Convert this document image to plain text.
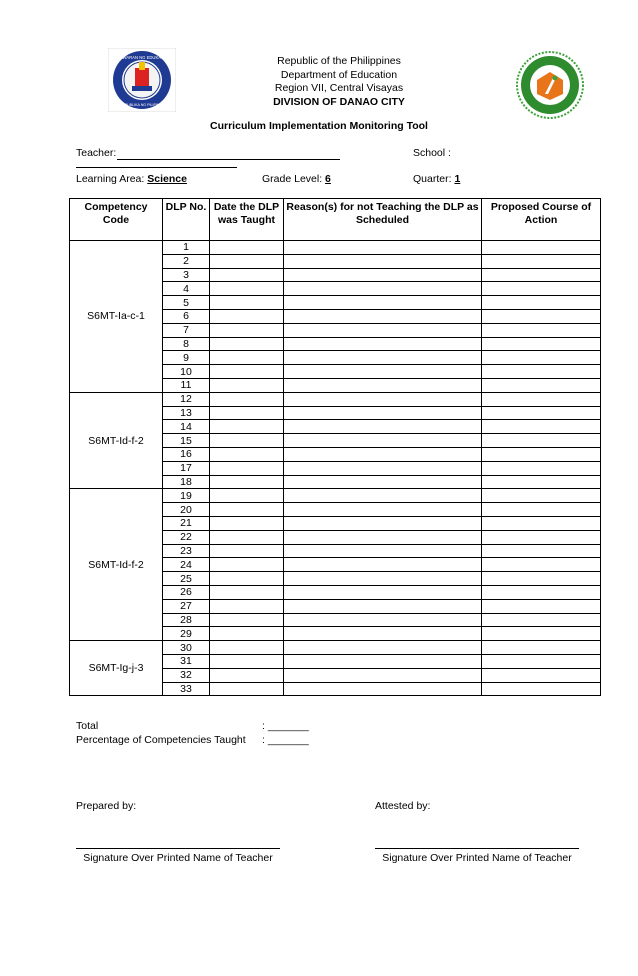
KAGAWARAN NG EDUKASYON
REPUBLIKA NG PILIPINAS
Republic of the Philippines
Department of Education
Region VII, Central Visayas
DIVISION OF DANAO CITY
Curriculum Implementation Monitoring Tool
Teacher:	School :
Learning Area: Science	Grade Level: 6	Quarter: 1
Competency Code	DLP No.	Date the DLP was Taught	Reason(s) for not Teaching the DLP as Scheduled	Proposed Course of Action
S6MT-Ia-c-1	1			
	2			
	3			
	4			
	5			
	6			
	7			
	8			
	9			
	10			
	11			
S6MT-Id-f-2	12			
	13			
	14			
	15			
	16			
	17			
	18			
S6MT-Id-f-2	19			
	20			
	21			
	22			
	23			
	24			
	25			
	26			
	27			
	28			
	29			
S6MT-Ig-j-3	30			
	31			
	32			
	33			
Total	: _______
Percentage of Competencies Taught : _______
Prepared by:	Attested by:
Signature Over Printed Name of Teacher	Signature Over Printed Name of Teacher
